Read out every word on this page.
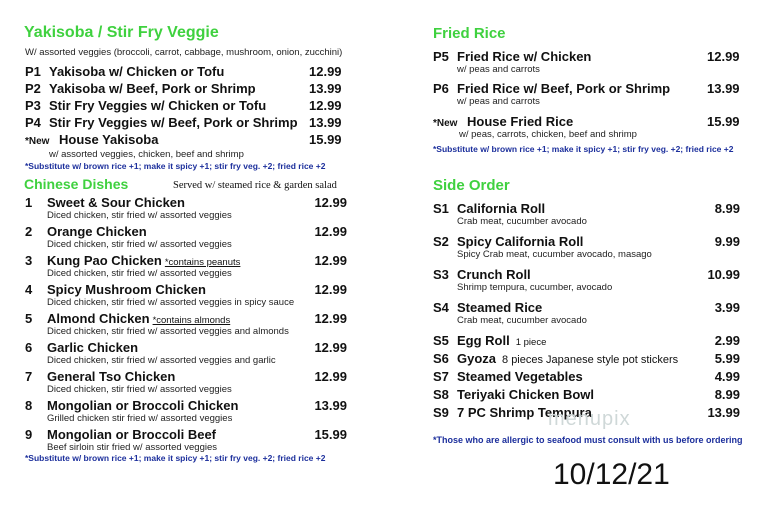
Yakisoba / Stir Fry Veggie
W/ assorted veggies (broccoli, carrot, cabbage, mushroom, onion, zucchini)
P1 Yakisoba w/ Chicken or Tofu	12.99
P2 Yakisoba w/ Beef, Pork or Shrimp	13.99
P3 Stir Fry Veggies w/ Chicken or Tofu	12.99
P4 Stir Fry Veggies w/ Beef, Pork or Shrimp 13.99
*New House Yakisoba	15.99
w/ assorted veggies, chicken, beef and shrimp
*Substitute w/ brown rice +1; make it spicy +1; stir fry veg. +2; fried rice +2
Chinese Dishes	Served w/ steamed rice & garden salad
1	Sweet & Sour Chicken	12.99
Diced chicken, stir fried w/ assorted veggies
2	Orange Chicken	12.99
Diced chicken, stir fried w/ assorted veggies
3	Kung Pao Chicken *contains peanuts	12.99
Diced chicken, stir fried w/ assorted veggies
4	Spicy Mushroom Chicken	12.99
Diced chicken, stir fried w/ assorted veggies in spicy sauce
5	Almond Chicken *contains almonds	12.99
Diced chicken, stir fried w/ assorted veggies and almonds
6	Garlic Chicken	12.99
Diced chicken, stir fried w/ assorted veggies and garlic
7	General Tso Chicken	12.99
Diced chicken, stir fried w/ assorted veggies
8	Mongolian or Broccoli Chicken	13.99
Grilled chicken stir fried w/ assorted veggies
9	Mongolian or Broccoli Beef	15.99
Beef sirloin stir fried w/ assorted veggies
*Substitute w/ brown rice +1; make it spicy +1; stir fry veg. +2; fried rice +2
Fried Rice
P5 Fried Rice w/ Chicken	12.99
w/ peas and carrots
P6 Fried Rice w/ Beef, Pork or Shrimp	13.99
w/ peas and carrots
*New House Fried Rice	15.99
w/ peas, carrots, chicken, beef and shrimp
*Substitute w/ brown rice +1; make it spicy +1; stir fry veg. +2; fried rice +2
Side Order
S1 California Roll	8.99
Crab meat, cucumber avocado
S2 Spicy California Roll	9.99
Spicy Crab meat, cucumber avocado, masago
S3 Crunch Roll	10.99
Shrimp tempura, cucumber, avocado
S4 Steamed Rice	3.99
Crab meat, cucumber avocado
S5 Egg Roll 1 piece	2.99
S6 Gyoza 8 pieces Japanese style pot stickers	5.99
S7 Steamed Vegetables	4.99
S8 Teriyaki Chicken Bowl	8.99
S9 7 PC Shrimp Tempura	13.99
menupix
*Those who are allergic to seafood must consult with us before ordering
10/12/21
